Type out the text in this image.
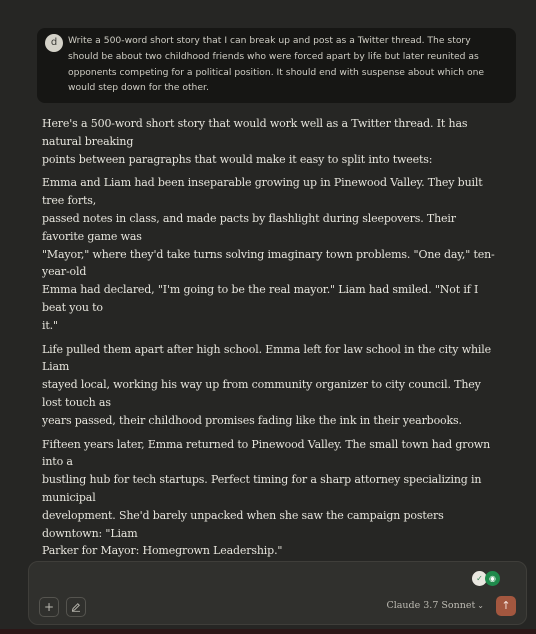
d	Write a 500-word short story that I can break up and post as a Twitter thread. The story
should be about two childhood friends who were forced apart by life but later reunited as
opponents competing for a political position. It should end with suspense about which one
would step down for the other.

Here's a 500-word short story that would work well as a Twitter thread. It has natural breaking
points between paragraphs that would make it easy to split into tweets:

Emma and Liam had been inseparable growing up in Pinewood Valley. They built tree forts,
passed notes in class, and made pacts by flashlight during sleepovers. Their favorite game was
"Mayor," where they'd take turns solving imaginary town problems. "One day," ten-year-old
Emma had declared, "I'm going to be the real mayor." Liam had smiled. "Not if I beat you to
it."

Life pulled them apart after high school. Emma left for law school in the city while Liam
stayed local, working his way up from community organizer to city council. They lost touch as
years passed, their childhood promises fading like the ink in their yearbooks.

Fifteen years later, Emma returned to Pinewood Valley. The small town had grown into a
bustling hub for tech startups. Perfect timing for a sharp attorney specializing in municipal
development. She'd barely unpacked when she saw the campaign posters downtown: "Liam
Parker for Mayor: Homegrown Leadership."

✓ ◉
+	Claude 3.7 Sonnet ⌄	↑
